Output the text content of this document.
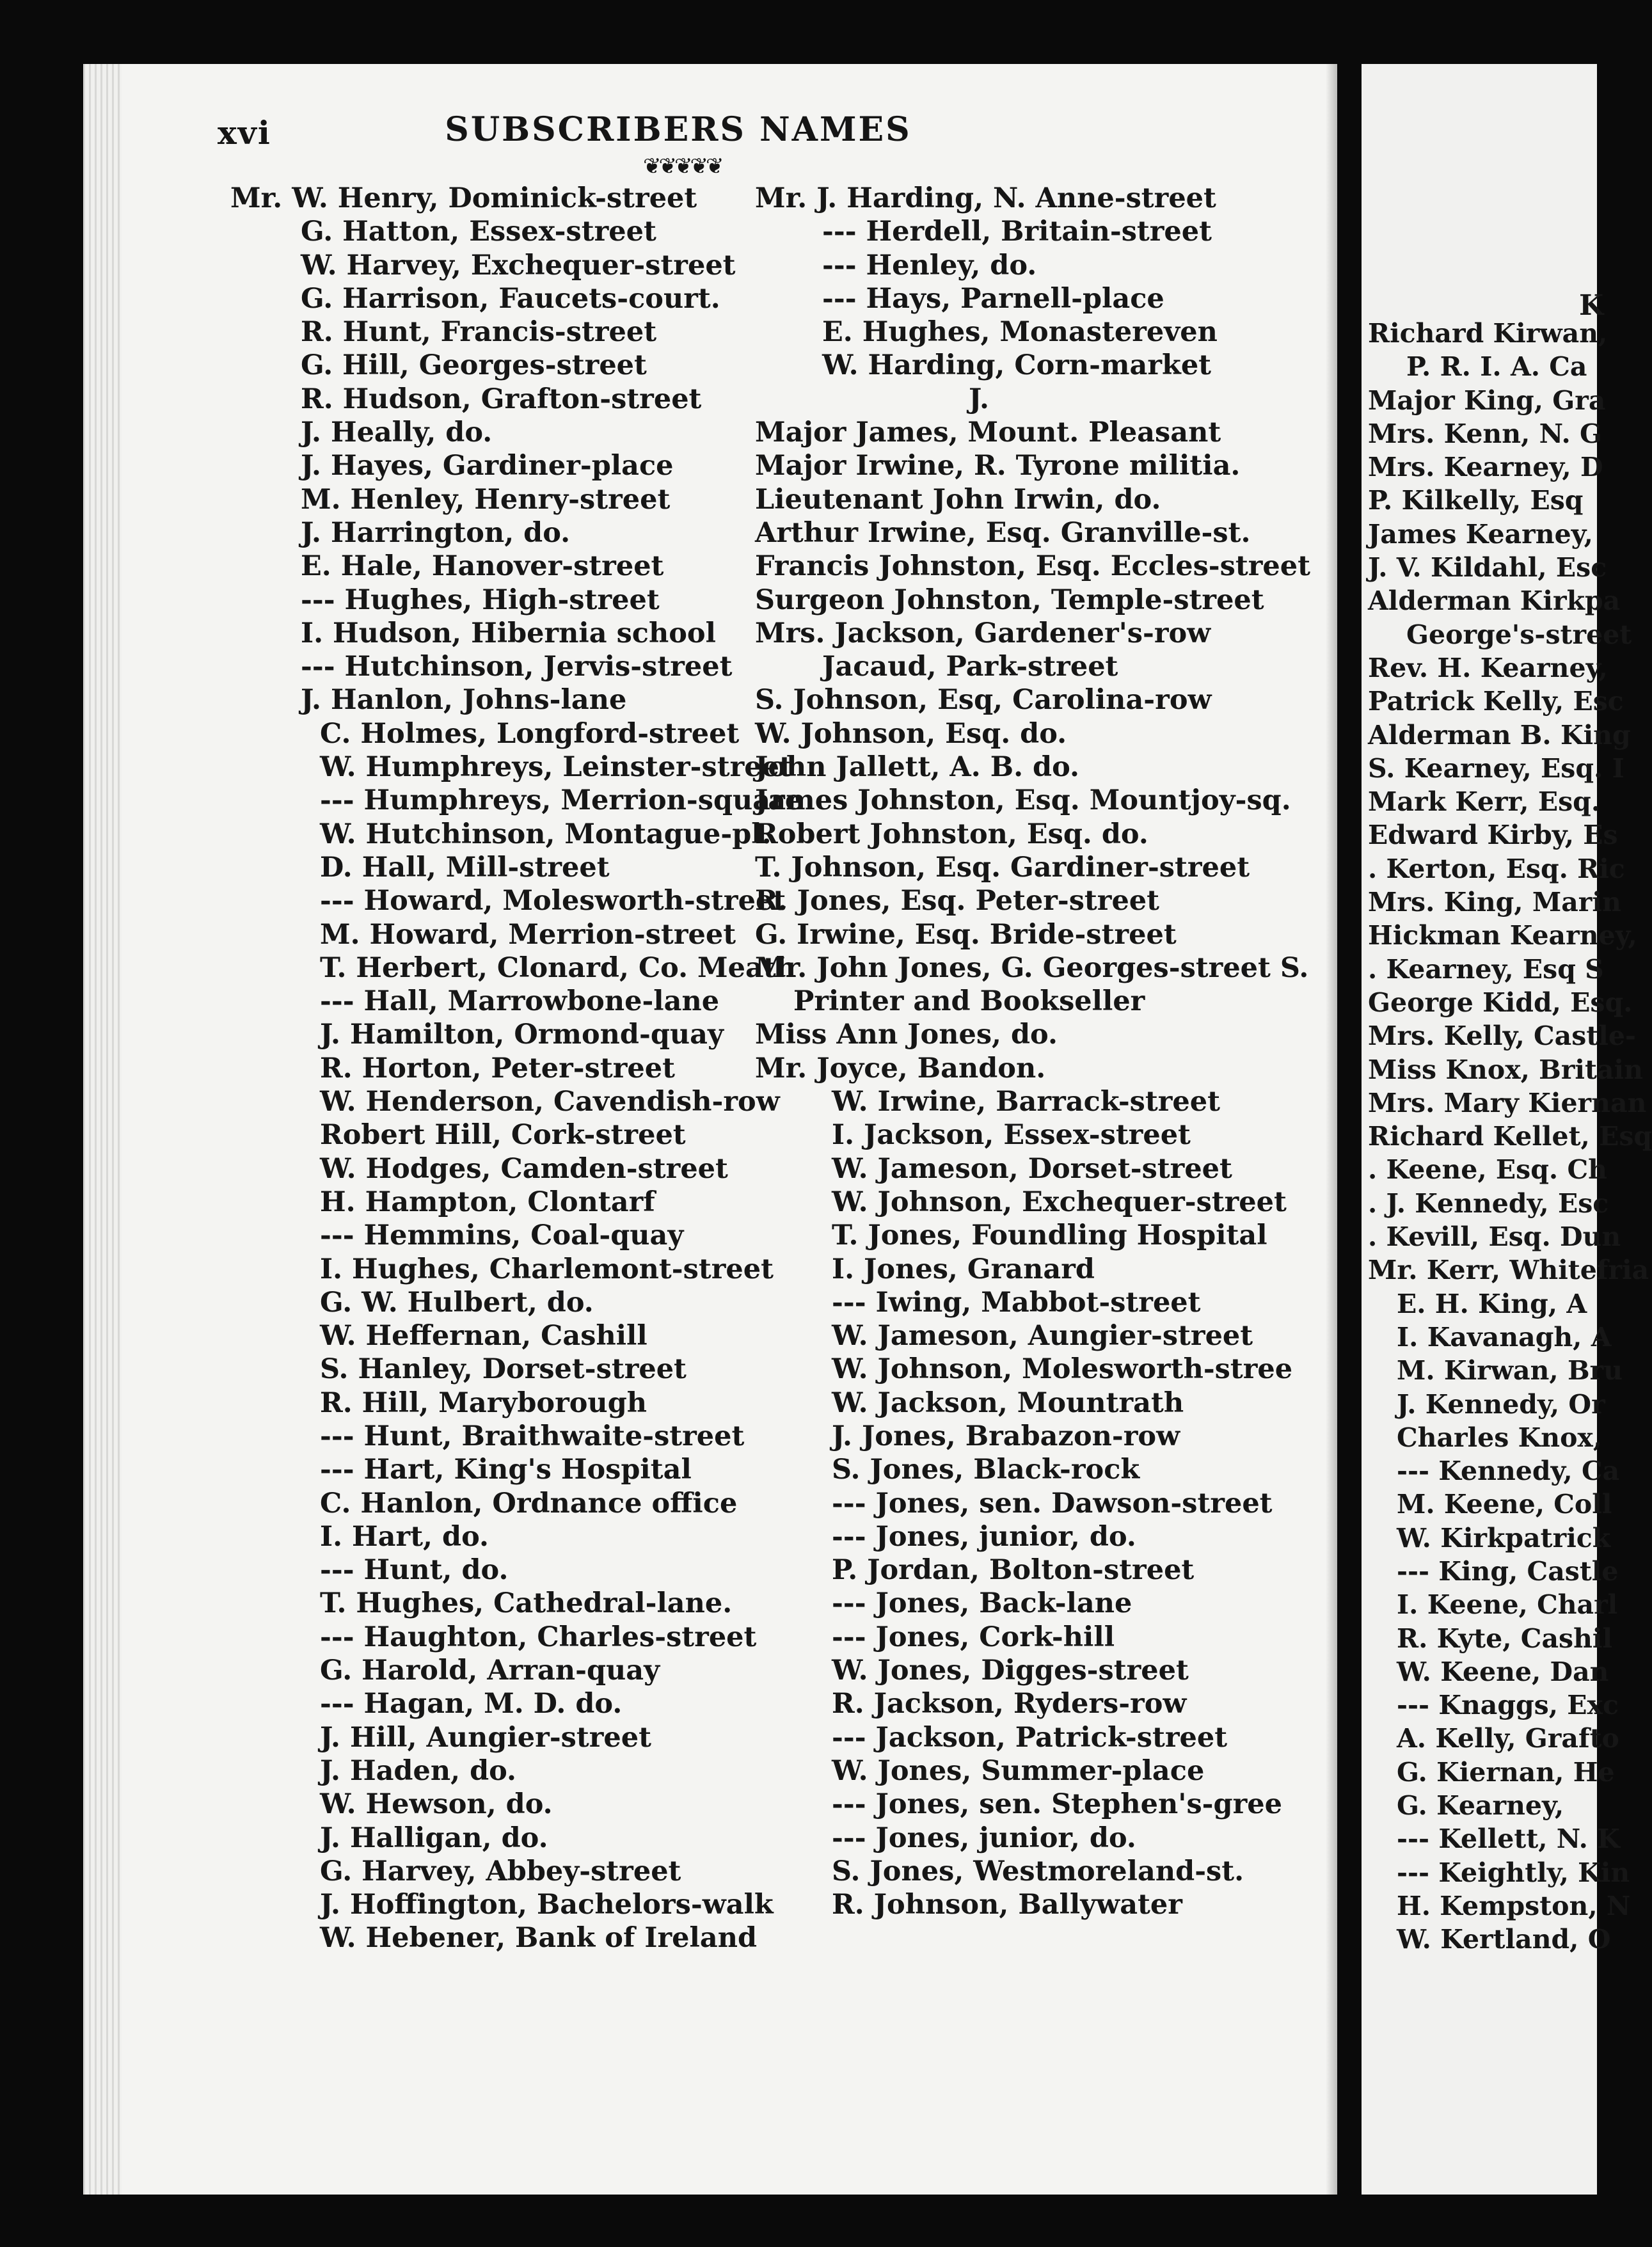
xvi	SUBSCRIBERS NAMES
❦❦❦❦❦
Mr. W. Henry, Dominick-street
G. Hatton, Essex-street
W. Harvey, Exchequer-street
G. Harrison, Faucets-court.
R. Hunt, Francis-street
G. Hill, Georges-street
R. Hudson, Grafton-street
J. Heally, do.
J. Hayes, Gardiner-place
M. Henley, Henry-street
J. Harrington, do.
E. Hale, Hanover-street
--- Hughes, High-street
I. Hudson, Hibernia school
--- Hutchinson, Jervis-street
J. Hanlon, Johns-lane
C. Holmes, Longford-street
W. Humphreys, Leinster-street
--- Humphreys, Merrion-square
W. Hutchinson, Montague-pl.
D. Hall, Mill-street
--- Howard, Molesworth-street
M. Howard, Merrion-street
T. Herbert, Clonard, Co. Meath
--- Hall, Marrowbone-lane
J. Hamilton, Ormond-quay
R. Horton, Peter-street
W. Henderson, Cavendish-row
Robert Hill, Cork-street
W. Hodges, Camden-street
H. Hampton, Clontarf
--- Hemmins, Coal-quay
I. Hughes, Charlemont-street
G. W. Hulbert, do.
W. Heffernan, Cashill
S. Hanley, Dorset-street
R. Hill, Maryborough
--- Hunt, Braithwaite-street
--- Hart, King's Hospital
C. Hanlon, Ordnance office
I. Hart, do.
--- Hunt, do.
T. Hughes, Cathedral-lane.
--- Haughton, Charles-street
G. Harold, Arran-quay
--- Hagan, M. D. do.
J. Hill, Aungier-street
J. Haden, do.
W. Hewson, do.
J. Halligan, do.
G. Harvey, Abbey-street
J. Hoffington, Bachelors-walk
W. Hebener, Bank of Ireland
Mr. J. Harding, N. Anne-street
--- Herdell, Britain-street
--- Henley, do.
--- Hays, Parnell-place
E. Hughes, Monastereven
W. Harding, Corn-market
J.
Major James, Mount. Pleasant
Major Irwine, R. Tyrone militia.
Lieutenant John Irwin, do.
Arthur Irwine, Esq. Granville-st.
Francis Johnston, Esq. Eccles-street
Surgeon Johnston, Temple-street
Mrs. Jackson, Gardener's-row
Jacaud, Park-street
S. Johnson, Esq, Carolina-row
W. Johnson, Esq. do.
John Jallett, A. B. do.
James Johnston, Esq. Mountjoy-sq.
Robert Johnston, Esq. do.
T. Johnson, Esq. Gardiner-street
R. Jones, Esq. Peter-street
G. Irwine, Esq. Bride-street
Mr. John Jones, G. Georges-street S.
Printer and Bookseller
Miss Ann Jones, do.
Mr. Joyce, Bandon.
W. Irwine, Barrack-street
I. Jackson, Essex-street
W. Jameson, Dorset-street
W. Johnson, Exchequer-street
T. Jones, Foundling Hospital
I. Jones, Granard
--- Iwing, Mabbot-street
W. Jameson, Aungier-street
W. Johnson, Molesworth-stree
W. Jackson, Mountrath
J. Jones, Brabazon-row
S. Jones, Black-rock
--- Jones, sen. Dawson-street
--- Jones, junior, do.
P. Jordan, Bolton-street
--- Jones, Back-lane
--- Jones, Cork-hill
W. Jones, Digges-street
R. Jackson, Ryders-row
--- Jackson, Patrick-street
W. Jones, Summer-place
--- Jones, sen. Stephen's-gree
--- Jones, junior, do.
S. Jones, Westmoreland-st.
R. Johnson, Ballywater
K
Richard Kirwan,
P. R. I. A. Ca
Major King, Gra
Mrs. Kenn, N. G
Mrs. Kearney, D
P. Kilkelly, Esq
James Kearney,
J. V. Kildahl, Esc
Alderman Kirkpa
George's-street
Rev. H. Kearney,
Patrick Kelly, Esc
Alderman B. King
S. Kearney, Esq. I
Mark Kerr, Esq.
Edward Kirby, Es
. Kerton, Esq. Ric
Mrs. King, Marin
Hickman Kearney,
. Kearney, Esq S
George Kidd, Esq.
Mrs. Kelly, Castle-
Miss Knox, Britain
Mrs. Mary Kiernan
Richard Kellet, Esq
. Keene, Esq. Ch
. J. Kennedy, Esc
. Kevill, Esq. Dun
Mr. Kerr, Whitefria
E. H. King, A
I. Kavanagh, A
M. Kirwan, Bru
J. Kennedy, Or
Charles Knox,
--- Kennedy, Ca
M. Keene, Coll
W. Kirkpatrick
--- King, Castle
I. Keene, Charl
R. Kyte, Cashil
W. Keene, Dan
--- Knaggs, Exc
A. Kelly, Grafto
G. Kiernan, He
G. Kearney,
--- Kellett, N. K
--- Keightly, Kin
H. Kempston, N
W. Kertland, O
